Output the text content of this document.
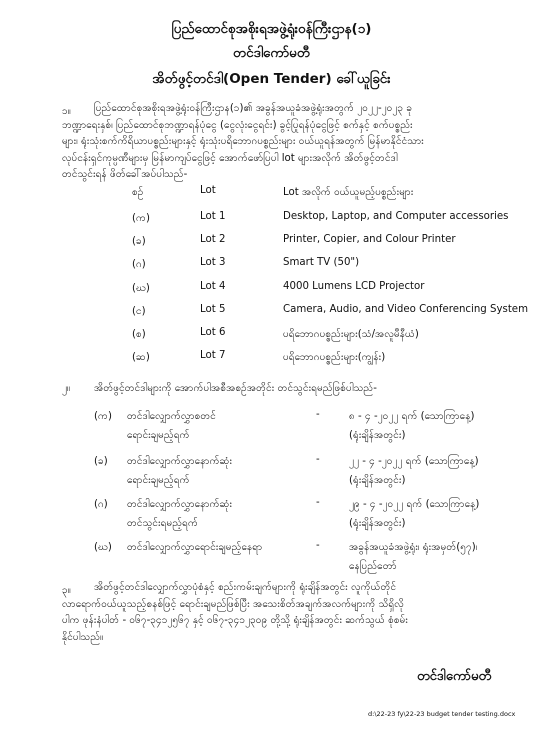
ပြည်ထောင်စုအစိုးရအဖွဲ့ရုံးဝန်ကြီးဌာန(၁)
တင်ဒါကော်မတီ
အိတ်ဖွင့်တင်ဒါ(Open Tender) ခေါ်ယူခြင်း
၁။	ပြည်ထောင်စုအစိုးရအဖွဲ့ရုံးဝန်ကြီးဌာန(၁)၏ အခွန်အယူခံအဖွဲ့ရုံးအတွက် ၂၀၂၂-၂၀၂၃ ခု
ဘဏ္ဍာရေးနှစ်၊ ပြည်ထောင်စုဘဏ္ဍာရန်ပုံငွေ (ငွေလုံးငွေရင်း) ခွင့်ပြုရန်ပုံငွေဖြင့် စက်နှင့် စက်ပစ္စည်း
များ၊ ရုံးသုံးစက်ကိရိယာပစ္စည်းများနှင့် ရုံးသုံးပရိဘောဂပစ္စည်းများ ဝယ်ယူရန်အတွက် မြန်မာနိုင်ငံသား
လုပ်ငန်းရှင်ကုမ္ပဏီများမှ မြန်မာကျပ်ငွေဖြင့် အောက်ဖော်ပြပါ lot များအလိုက် အိတ်ဖွင့်တင်ဒါ
တင်သွင်းရန် ဖိတ်ခေါ်အပ်ပါသည်-
စဉ်	Lot	Lot အလိုက် ဝယ်ယူမည့်ပစ္စည်းများ
(က)	Lot 1	Desktop, Laptop, and Computer accessories
(ခ)	Lot 2	Printer, Copier, and Colour Printer
(ဂ)	Lot 3	Smart TV (50")
(ဃ)	Lot 4	4000 Lumens LCD Projector
(င)	Lot 5	Camera, Audio, and Video Conferencing System
(စ)	Lot 6	ပရိဘောဂပစ္စည်းများ(သံ/အလူမီနီယံ)
(ဆ)	Lot 7	ပရိဘောဂပစ္စည်းများ(ကျွန်း)
၂။ အိတ်ဖွင့်တင်ဒါများကို အောက်ပါအစီအစဉ်အတိုင်း တင်သွင်းရမည်ဖြစ်ပါသည်-
(က) တင်ဒါလျှောက်လွှာစတင်	-	၈ - ၄ -၂၀၂၂ ရက် (သောကြာနေ့)
ရောင်းချမည့်ရက်	(ရုံးချိန်အတွင်း)
(ခ) တင်ဒါလျှောက်လွှာနောက်ဆုံး	-	၂၂ - ၄ -၂၀၂၂ ရက် (သောကြာနေ့)
ရောင်းချမည့်ရက်	(ရုံးချိန်အတွင်း)
(ဂ) တင်ဒါလျှောက်လွှာနောက်ဆုံး	-	၂၉ - ၄ -၂၀၂၂ ရက် (သောကြာနေ့)
တင်သွင်းရမည့်ရက်	(ရုံးချိန်အတွင်း)
(ဃ) တင်ဒါလျှောက်လွှာရောင်းချမည့်နေရာ	-	အခွန်အယူခံအဖွဲ့ရုံး၊ ရုံးအမှတ်(၅၇)၊
နေပြည်တော်
၃။	အိတ်ဖွင့်တင်ဒါလျှောက်လွှာပုံစံနှင့် စည်းကမ်းချက်များကို ရုံးချိန်အတွင်း လူကိုယ်တိုင်
လာရောက်ဝယ်ယူသည့်စနစ်ဖြင့် ရောင်းချမည်ဖြစ်ပြီး အသေးစိတ်အချက်အလက်များကို သိရှိလို
ပါက ဖုန်းနံပါတ် - ၀၆၇-၃၄၁၂၅၆၇ နှင့် ၀၆၇-၃၄၁၂၃၀၉ တို့သို့ ရုံးချိန်အတွင်း ဆက်သွယ် စုံစမ်း
နိုင်ပါသည်။
တင်ဒါကော်မတီ
d:\22-23 fy\22-23 budget tender testing.docx
